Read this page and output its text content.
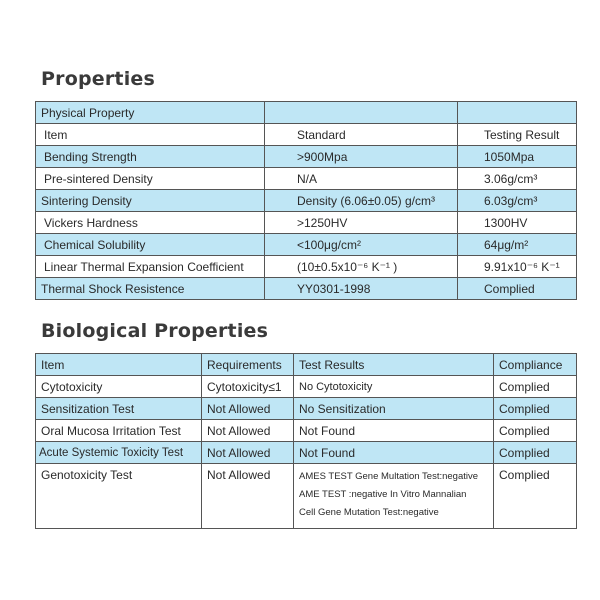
Properties
Physical Property		
Item	Standard	Testing Result
Bending Strength	>900Mpa	1050Mpa
Pre-sintered Density	N/A	3.06g/cm³
Sintering Density	Density (6.06±0.05) g/cm³	6.03g/cm³
Vickers Hardness	>1250HV	1300HV
Chemical Solubility	<100μg/cm²	64μg/m²
Linear Thermal Expansion Coefficient	(10±0.5x10⁻⁶ K⁻¹ )	9.91x10⁻⁶ K⁻¹
Thermal Shock Resistence	YY0301-1998	Complied
Biological Properties
Item	Requirements	Test Results	Compliance
Cytotoxicity	Cytotoxicity≤1	No Cytotoxicity	Complied
Sensitization Test	Not Allowed	No Sensitization	Complied
Oral Mucosa Irritation Test	Not Allowed	Not Found	Complied
Acute Systemic Toxicity Test	Not Allowed	Not Found	Complied
Genotoxicity Test	Not Allowed	AMES TEST Gene Multation Test:negative
AME TEST :negative In Vitro Mannalian
Cell Gene Mutation Test:negative	Complied
